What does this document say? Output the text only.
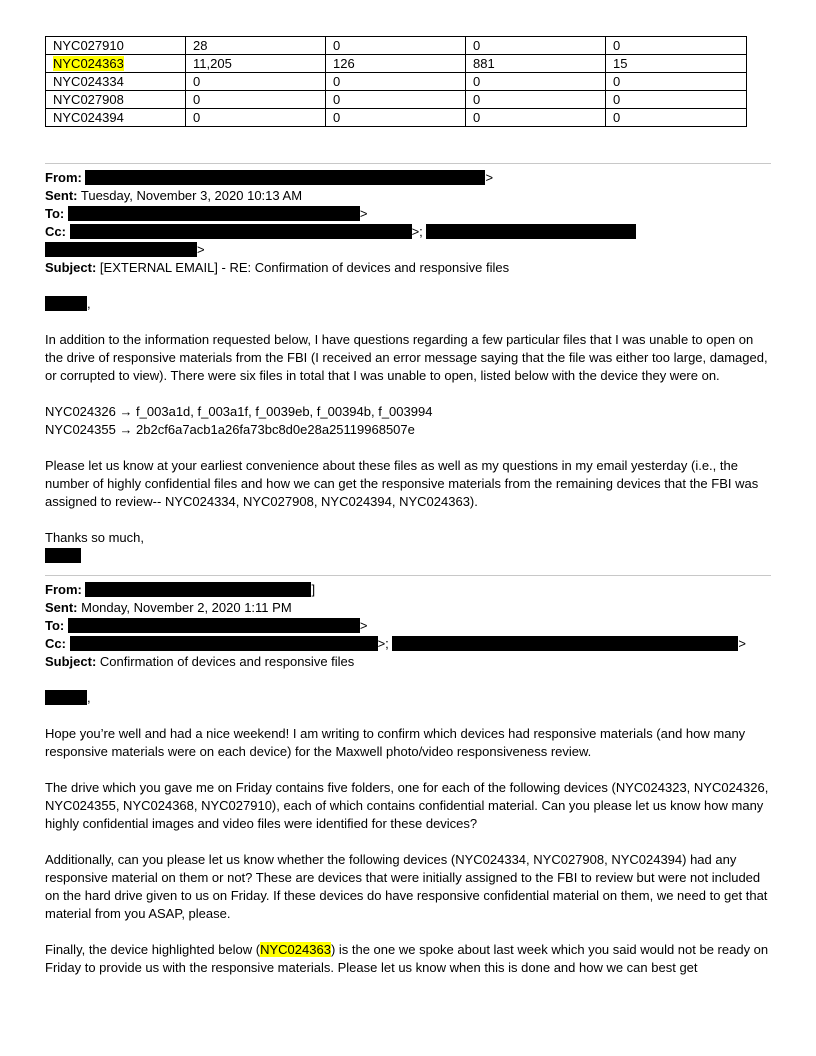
NYC027910	28	0	0	0
NYC024363	11,205	126	881	15
NYC024334	0	0	0	0
NYC027908	0	0	0	0
NYC024394	0	0	0	0
From:	>
Sent: Tuesday, November 3, 2020 10:13 AM
To:	>
Cc:	>;
>
Subject: [EXTERNAL EMAIL] - RE: Confirmation of devices and responsive files
,

In addition to the information requested below, I have questions regarding a few particular files that I was unable to open on the drive of responsive materials from the FBI (I received an error message saying that the file was either too large, damaged, or corrupted to view). There were six files in total that I was unable to open, listed below with the device they were on.

NYC024326 → f_003a1d, f_003a1f, f_0039eb, f_00394b, f_003994

NYC024355 → 2b2cf6a7acb1a26fa73bc8d0e28a25119968507e

Please let us know at your earliest convenience about these files as well as my questions in my email yesterday (i.e., the number of highly confidential files and how we can get the responsive materials from the remaining devices that the FBI was assigned to review-- NYC024334, NYC027908, NYC024394, NYC024363).

Thanks so much,

From:	]
Sent: Monday, November 2, 2020 1:11 PM
To:	>
Cc:	>;	>
Subject: Confirmation of devices and responsive files
,

Hope you’re well and had a nice weekend! I am writing to confirm which devices had responsive materials (and how many responsive materials were on each device) for the Maxwell photo/video responsiveness review.

The drive which you gave me on Friday contains five folders, one for each of the following devices (NYC024323, NYC024326, NYC024355, NYC024368, NYC027910), each of which contains confidential material. Can you please let us know how many highly confidential images and video files were identified for these devices?

Additionally, can you please let us know whether the following devices (NYC024334, NYC027908, NYC024394) had any responsive material on them or not? These are devices that were initially assigned to the FBI to review but were not included on the hard drive given to us on Friday. If these devices do have responsive confidential material on them, we need to get that material from you ASAP, please.

Finally, the device highlighted below (NYC024363) is the one we spoke about last week which you said would not be ready on Friday to provide us with the responsive materials. Please let us know when this is done and how we can best get
